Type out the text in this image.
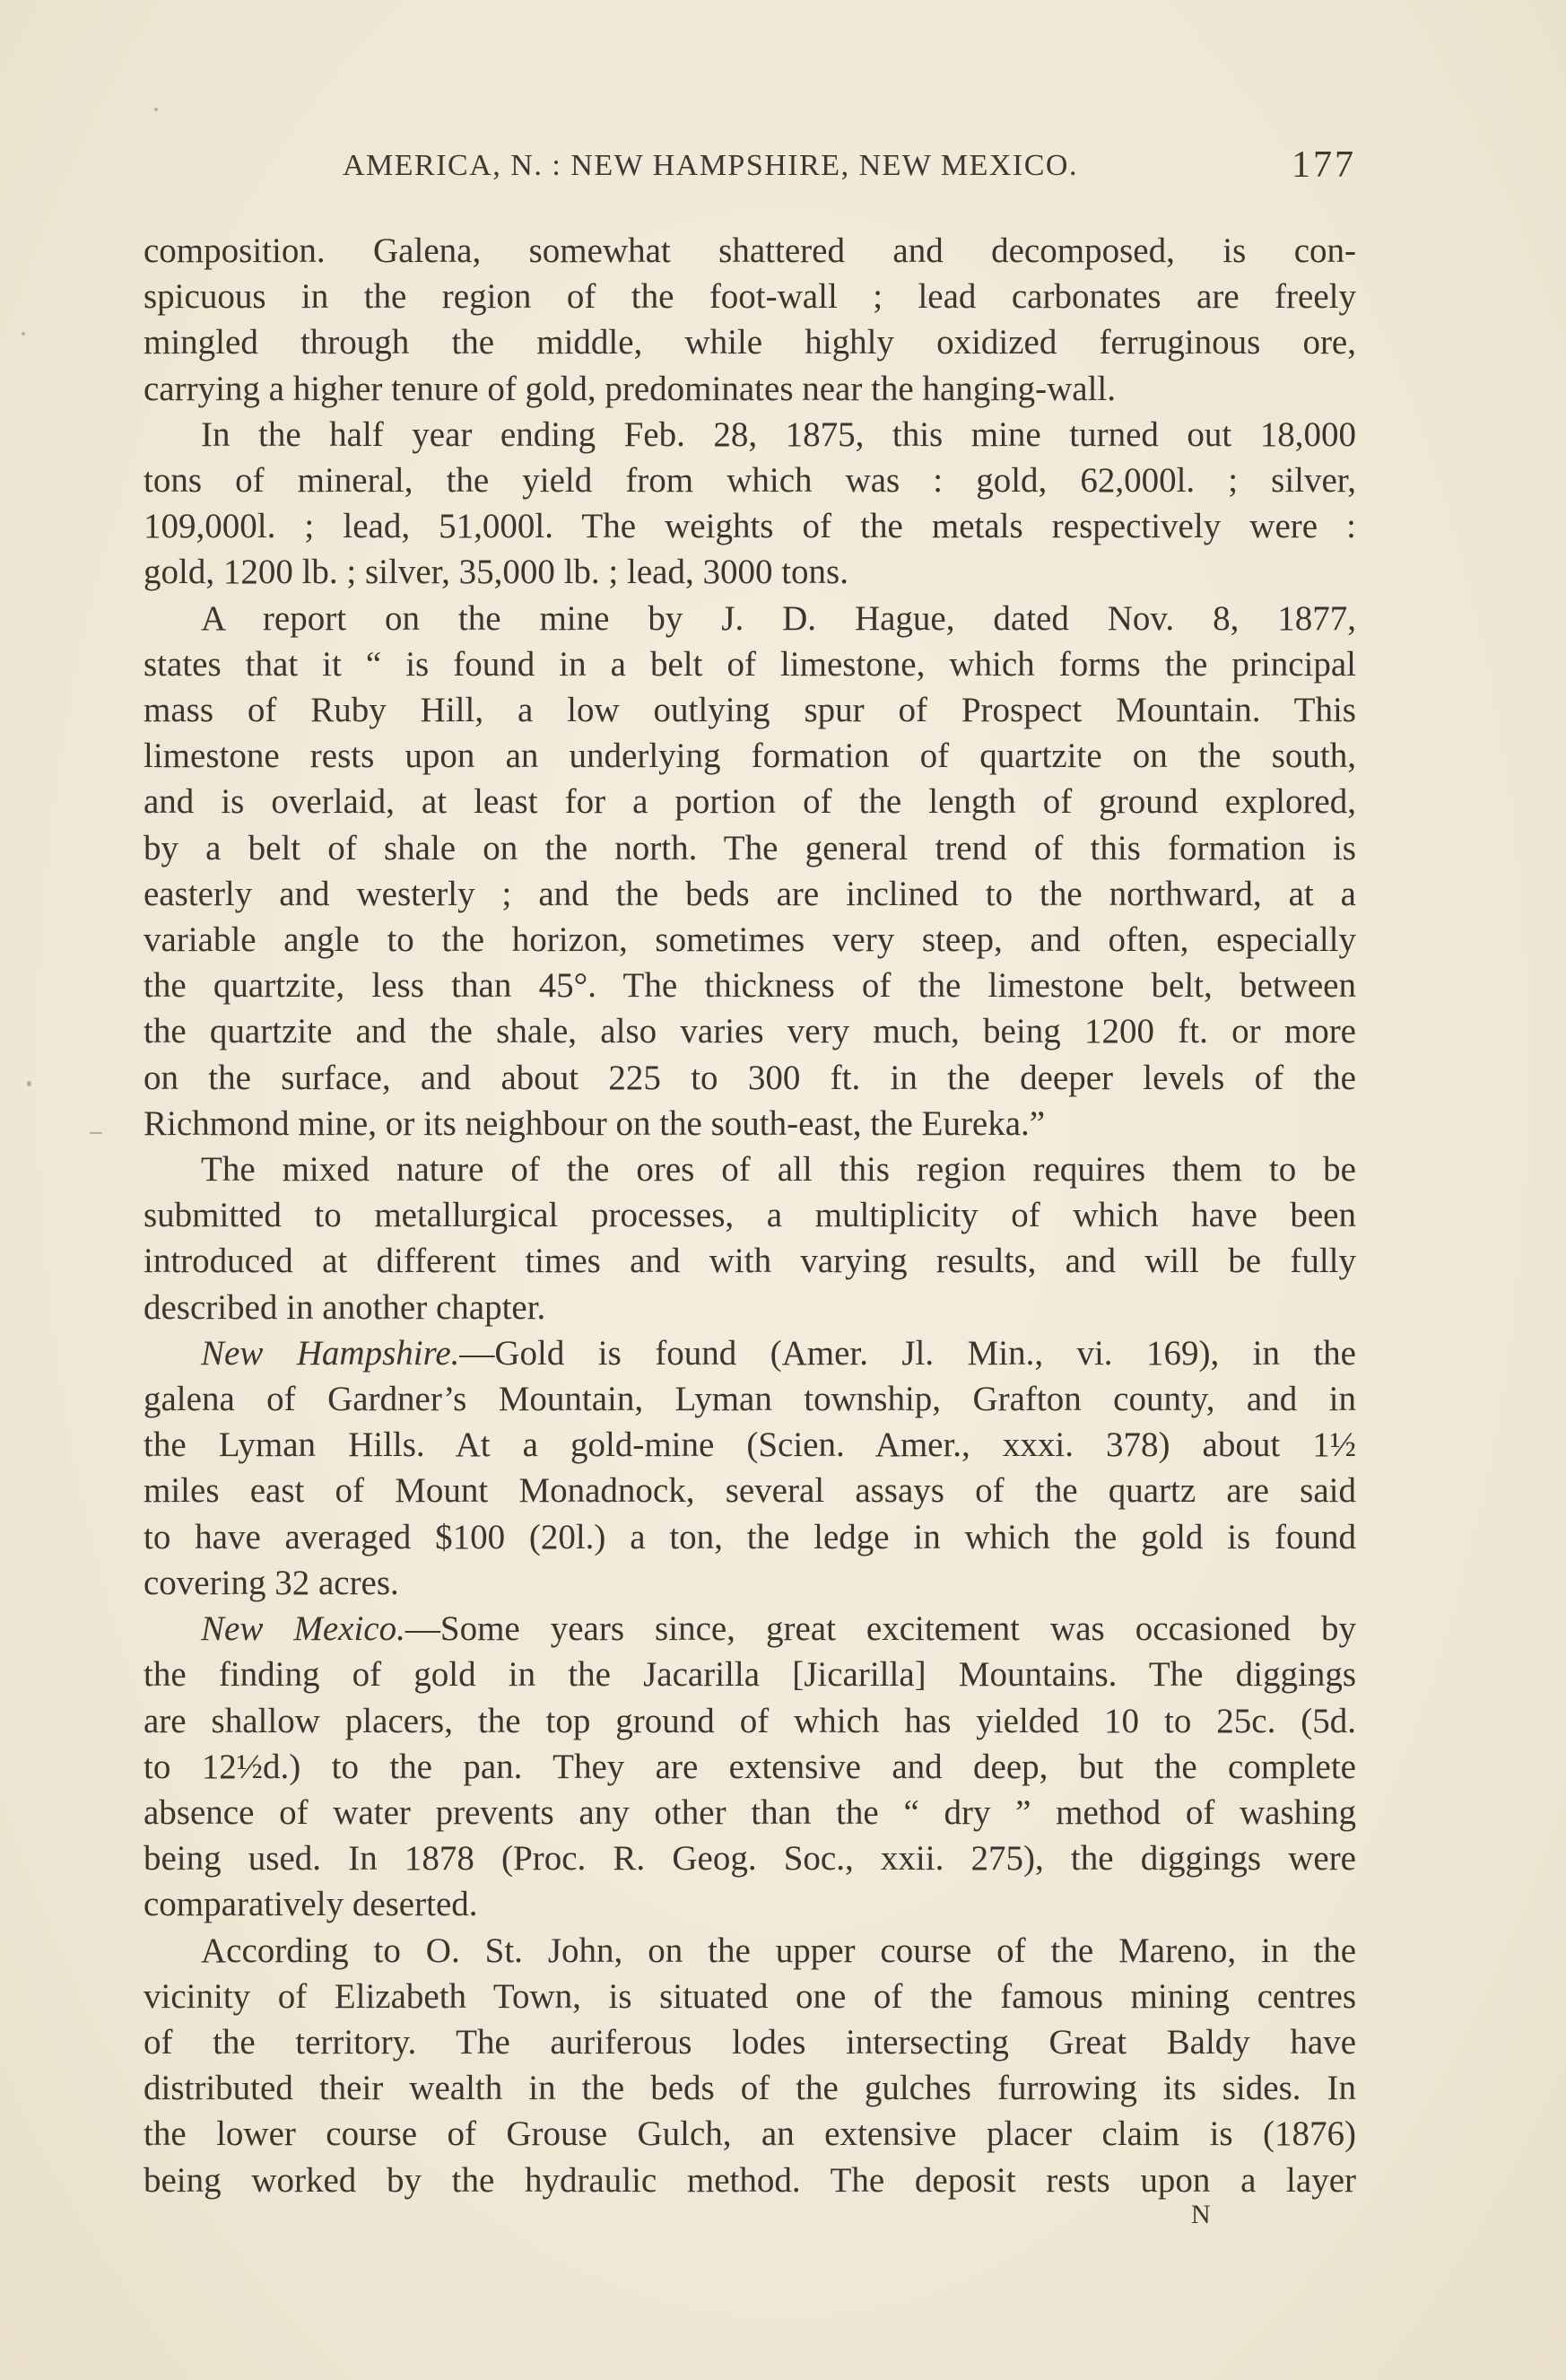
AMERICA, N. : NEW HAMPSHIRE, NEW MEXICO.	177
composition. Galena, somewhat shattered and decomposed, is con-
spicuous in the region of the foot-wall ; lead carbonates are freely
mingled through the middle, while highly oxidized ferruginous ore,
carrying a higher tenure of gold, predominates near the hanging-wall.
In the half year ending Feb. 28, 1875, this mine turned out 18,000
tons of mineral, the yield from which was : gold, 62,000l. ; silver,
109,000l. ; lead, 51,000l. The weights of the metals respectively were :
gold, 1200 lb. ; silver, 35,000 lb. ; lead, 3000 tons.
A report on the mine by J. D. Hague, dated Nov. 8, 1877,
states that it “ is found in a belt of limestone, which forms the principal
mass of Ruby Hill, a low outlying spur of Prospect Mountain. This
limestone rests upon an underlying formation of quartzite on the south,
and is overlaid, at least for a portion of the length of ground explored,
by a belt of shale on the north. The general trend of this formation is
easterly and westerly ; and the beds are inclined to the northward, at a
variable angle to the horizon, sometimes very steep, and often, especially
the quartzite, less than 45°. The thickness of the limestone belt, between
the quartzite and the shale, also varies very much, being 1200 ft. or more
on the surface, and about 225 to 300 ft. in the deeper levels of the
Richmond mine, or its neighbour on the south-east, the Eureka.”
The mixed nature of the ores of all this region requires them to be
submitted to metallurgical processes, a multiplicity of which have been
introduced at different times and with varying results, and will be fully
described in another chapter.
New Hampshire.—Gold is found (Amer. Jl. Min., vi. 169), in the
galena of Gardner’s Mountain, Lyman township, Grafton county, and in
the Lyman Hills. At a gold-mine (Scien. Amer., xxxi. 378) about 1½
miles east of Mount Monadnock, several assays of the quartz are said
to have averaged $100 (20l.) a ton, the ledge in which the gold is found
covering 32 acres.
New Mexico.—Some years since, great excitement was occasioned by
the finding of gold in the Jacarilla [Jicarilla] Mountains. The diggings
are shallow placers, the top ground of which has yielded 10 to 25c. (5d.
to 12½d.) to the pan. They are extensive and deep, but the complete
absence of water prevents any other than the “ dry ” method of washing
being used. In 1878 (Proc. R. Geog. Soc., xxii. 275), the diggings were
comparatively deserted.
According to O. St. John, on the upper course of the Mareno, in the
vicinity of Elizabeth Town, is situated one of the famous mining centres
of the territory. The auriferous lodes intersecting Great Baldy have
distributed their wealth in the beds of the gulches furrowing its sides. In
the lower course of Grouse Gulch, an extensive placer claim is (1876)
being worked by the hydraulic method. The deposit rests upon a layer
N
